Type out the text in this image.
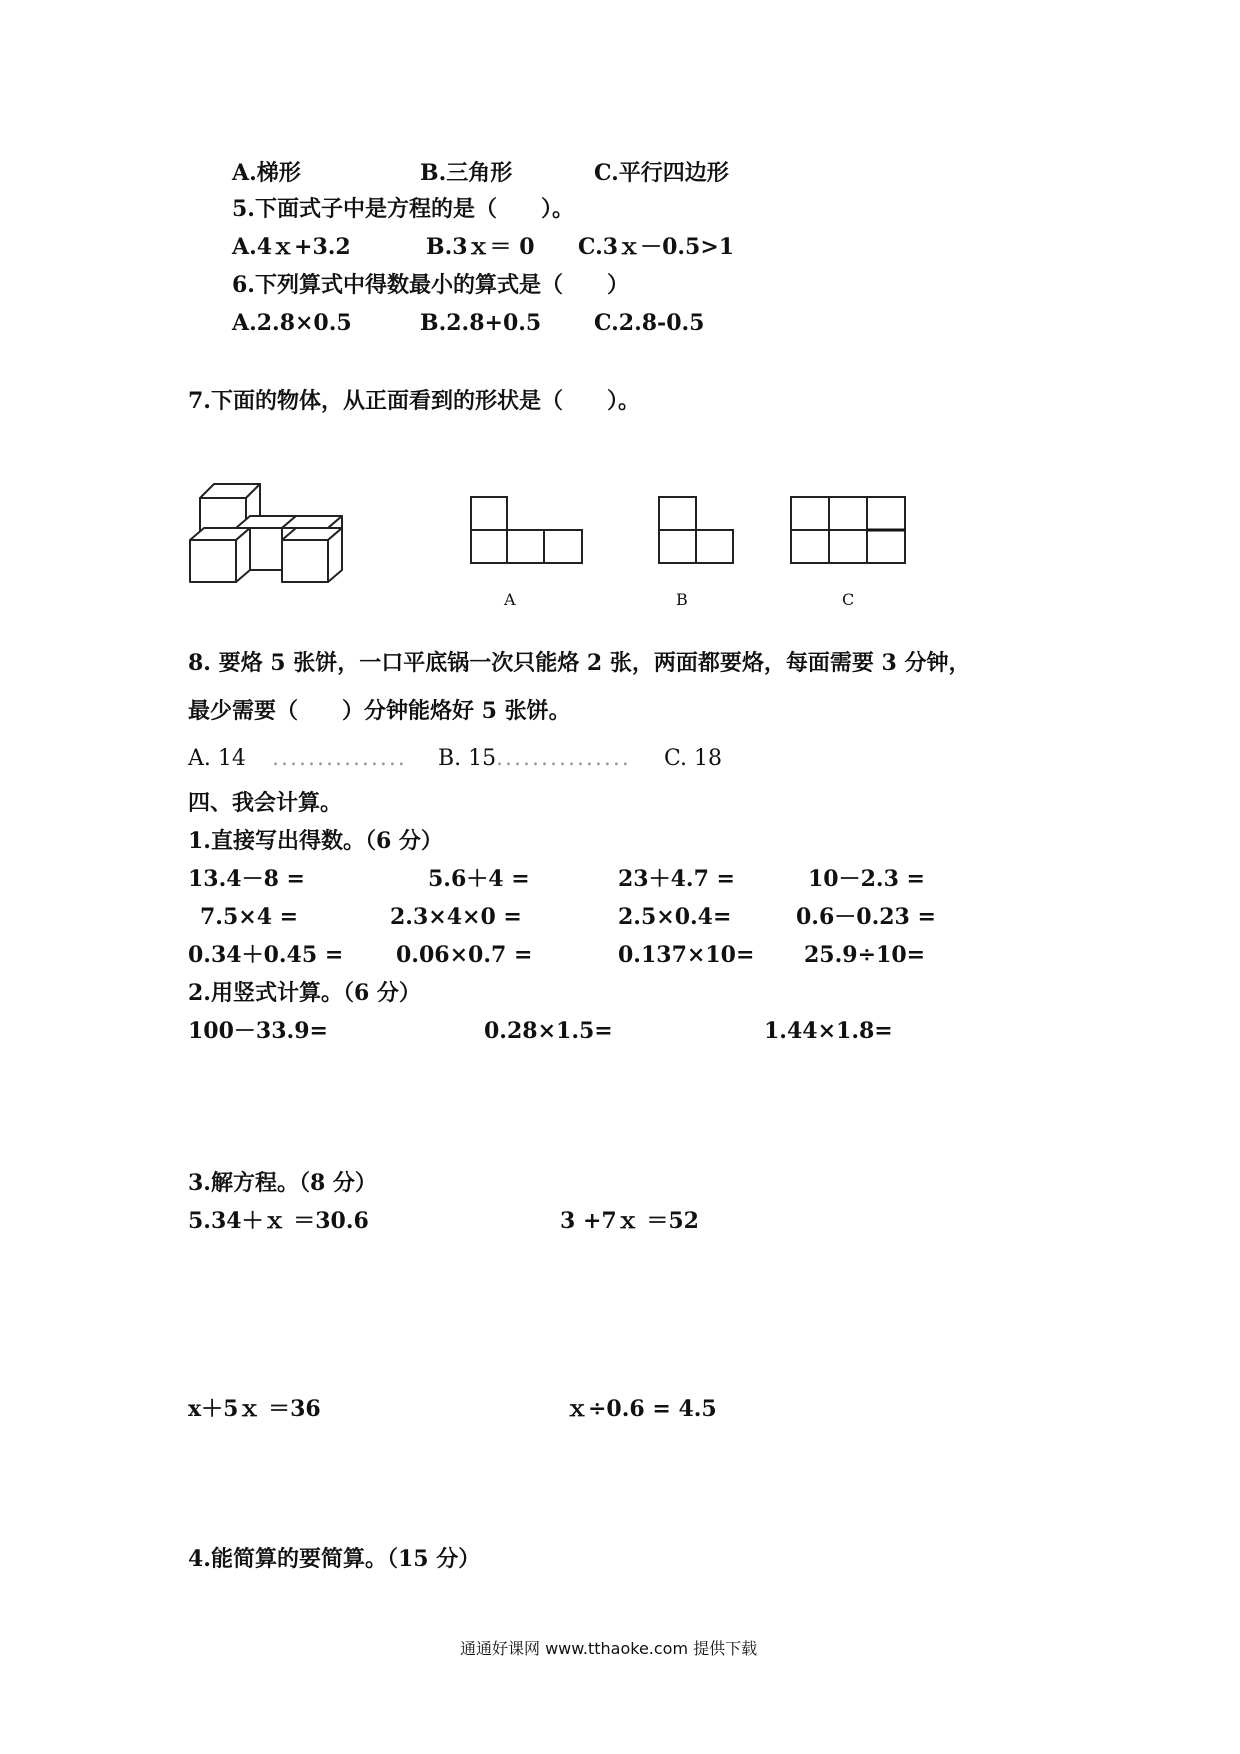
A.梯形	B.三角形	C.平行四边形
5.下面式子中是方程的是（　　）。
A.4ｘ+3.2	B.3ｘ＝ 0 C.3ｘ－0.5>1
6.下列算式中得数最小的算式是（　　）
A.2.8×0.5	B.2.8+0.5 C.2.8-0.5
7.下面的物体，从正面看到的形状是（　　）。
A	B	C
8. 要烙 5 张饼，一口平底锅一次只能烙 2 张，两面都要烙，每面需要 3 分钟，
最少需要（　　）分钟能烙好 5 张饼。
A. 14 ............... B. 15 ............... C. 18
四、我会计算。
1.直接写出得数。（6 分）
13.4－8 =	5.6＋4 =	23＋4.7 =	10－2.3 =
7.5×4 =	2.3×4×0 =	2.5×0.4=	0.6－0.23 =
0.34＋0.45 = 0.06×0.7 =	0.137×10= 25.9÷10=
2.用竖式计算。（6 分）
100－33.9=	0.28×1.5=	1.44×1.8=
3.解方程。（8 分）
5.34＋ｘ ＝30.6	3 +7ｘ ＝52
x＋5ｘ ＝36	ｘ÷0.6 = 4.5
4.能简算的要简算。（15 分）
通通好课网 www.tthaoke.com 提供下载
